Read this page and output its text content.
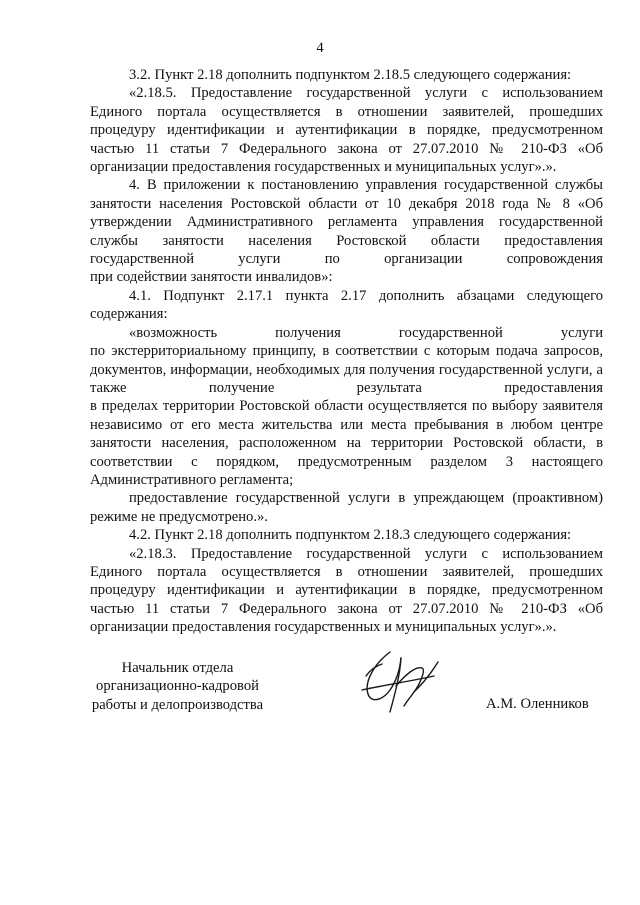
4

3.2. Пункт 2.18 дополнить подпунктом 2.18.5 следующего содержания:

«2.18.5. Предоставление государственной услуги с использованием Единого портала осуществляется в отношении заявителей, прошедших процедуру идентификации и аутентификации в порядке, предусмотренном частью 11 статьи 7 Федерального закона от 27.07.2010 № 210-ФЗ «Об организации предоставления государственных и муниципальных услуг».».

4. В приложении к постановлению управления государственной службы занятости населения Ростовской области от 10 декабря 2018 года № 8 «Об утверждении Административного регламента управления государственной службы занятости населения Ростовской области предоставления государственной услуги по организации сопровождения

при содействии занятости инвалидов»:

4.1. Подпункт 2.17.1 пункта 2.17 дополнить абзацами следующего содержания:

«возможность получения государственной услуги

по экстерриториальному принципу, в соответствии с которым подача запросов, документов, информации, необходимых для получения государственной услуги, а также получение результата предоставления

в пределах территории Ростовской области осуществляется по выбору заявителя независимо от его места жительства или места пребывания в любом центре занятости населения, расположенном на территории Ростовской области, в соответствии с порядком, предусмотренным разделом 3 настоящего Административного регламента;

предоставление государственной услуги в упреждающем (проактивном) режиме не предусмотрено.».

4.2. Пункт 2.18 дополнить подпунктом 2.18.3 следующего содержания:

«2.18.3. Предоставление государственной услуги с использованием Единого портала осуществляется в отношении заявителей, прошедших процедуру идентификации и аутентификации в порядке, предусмотренном частью 11 статьи 7 Федерального закона от 27.07.2010 № 210-ФЗ «Об организации предоставления государственных и муниципальных услуг».».

Начальник отдела
организационно-кадровой
работы и делопроизводства	А.М. Оленников
